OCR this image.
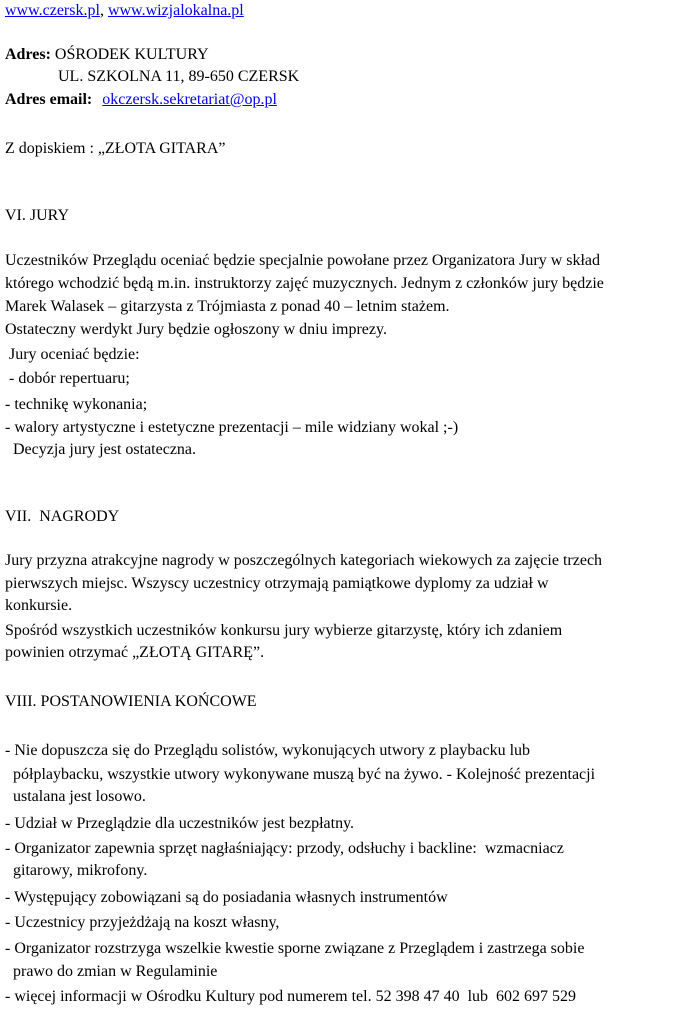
www.czersk.pl, www.wizjalokalna.pl
Adres: OŚRODEK KULTURY
UL. SZKOLNA 11, 89-650 CZERSK
Adres email: okczersk.sekretariat@op.pl
Z dopiskiem : „ZŁOTA GITARA”
VI. JURY
Uczestników Przeglądu oceniać będzie specjalnie powołane przez Organizatora Jury w skład
którego wchodzić będą m.in. instruktorzy zajęć muzycznych. Jednym z członków jury będzie
Marek Walasek – gitarzysta z Trójmiasta z ponad 40 – letnim stażem.
Ostateczny werdykt Jury będzie ogłoszony w dniu imprezy.
Jury oceniać będzie:
- dobór repertuaru;
- technikę wykonania;
- walory artystyczne i estetyczne prezentacji – mile widziany wokal ;-)
Decyzja jury jest ostateczna.
VII.  NAGRODY
Jury przyzna atrakcyjne nagrody w poszczególnych kategoriach wiekowych za zajęcie trzech
pierwszych miejsc. Wszyscy uczestnicy otrzymają pamiątkowe dyplomy za udział w
konkursie.
Spośród wszystkich uczestników konkursu jury wybierze gitarzystę, który ich zdaniem
powinien otrzymać „ZŁOTĄ GITARĘ”.
VIII. POSTANOWIENIA KOŃCOWE
- Nie dopuszcza się do Przeglądu solistów, wykonujących utwory z playbacku lub
półplaybacku, wszystkie utwory wykonywane muszą być na żywo. - Kolejność prezentacji
ustalana jest losowo.
- Udział w Przeglądzie dla uczestników jest bezpłatny.
- Organizator zapewnia sprzęt nagłaśniający: przody, odsłuchy i backline:  wzmacniacz
gitarowy, mikrofony.
- Występujący zobowiązani są do posiadania własnych instrumentów
- Uczestnicy przyjeżdżają na koszt własny,
- Organizator rozstrzyga wszelkie kwestie sporne związane z Przeglądem i zastrzega sobie
prawo do zmian w Regulaminie
- więcej informacji w Ośrodku Kultury pod numerem tel. 52 398 47 40  lub  602 697 529
